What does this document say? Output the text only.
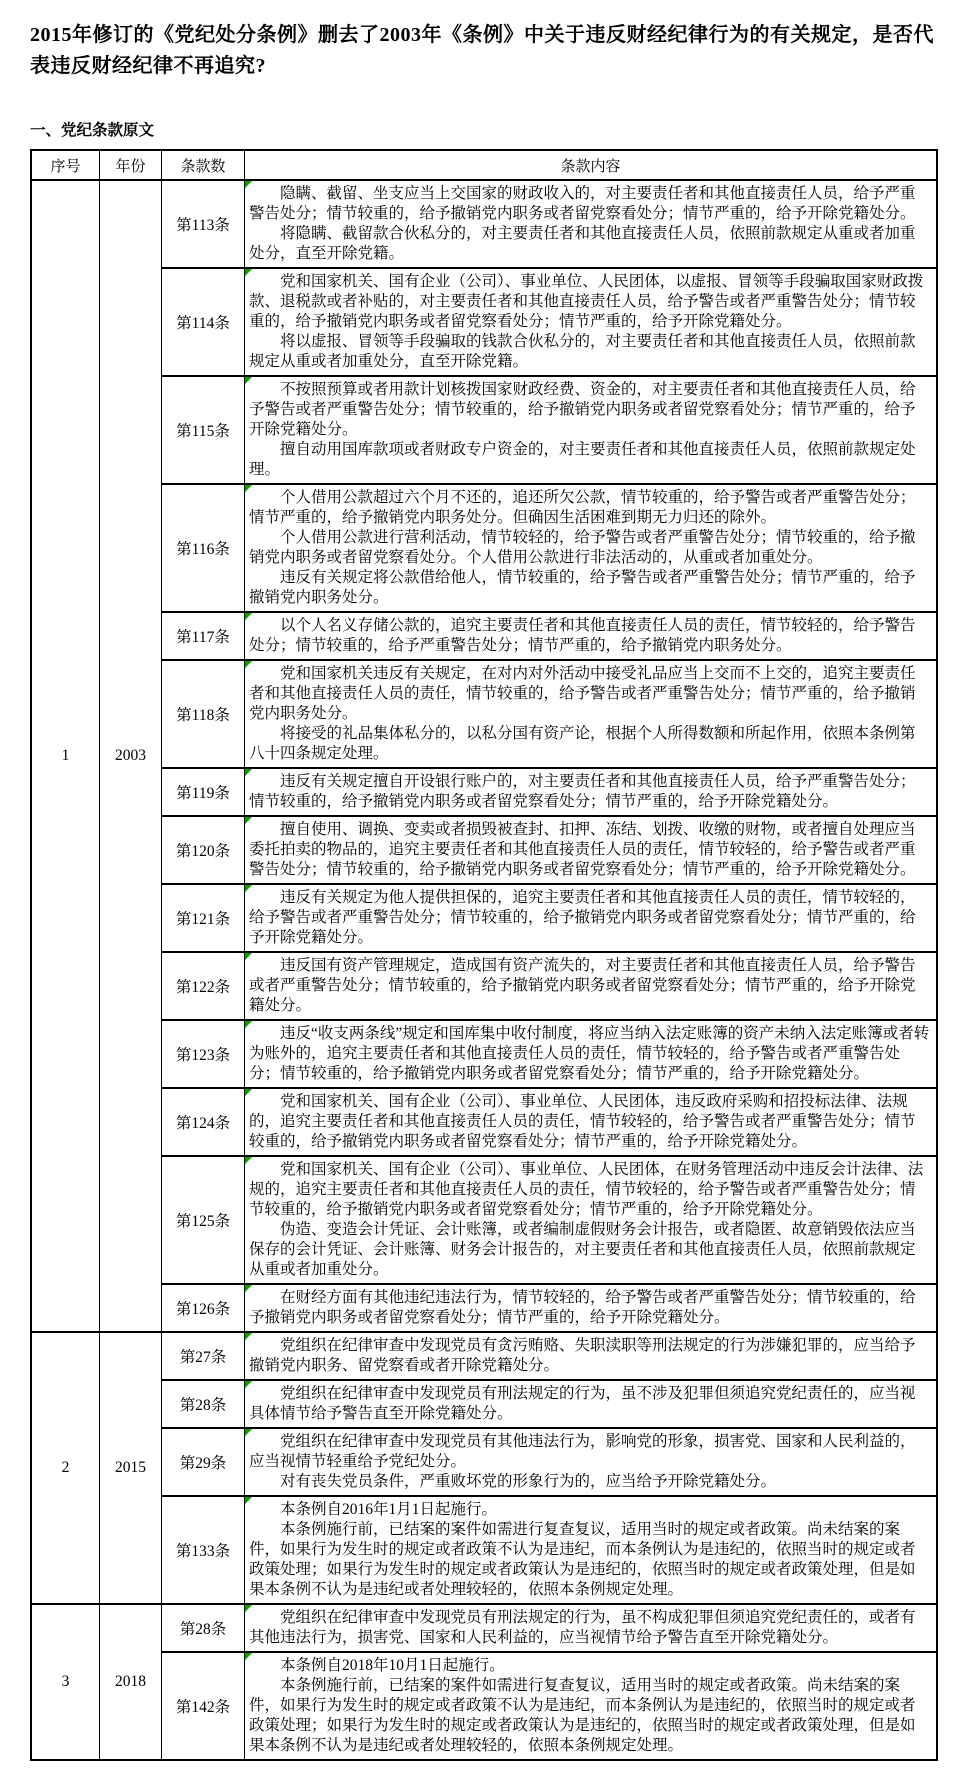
2015年修订的《党纪处分条例》删去了2003年《条例》中关于违反财经纪律行为的有关规定，是否代表违反财经纪律不再追究?
一、党纪条款原文
序号	年份	条款数	条款内容
1	2003	第113条	隐瞒、截留、坐支应当上交国家的财政收入的，对主要责任者和其他直接责任人员，给予严重警告处分；情节较重的，给予撤销党内职务或者留党察看处分；情节严重的，给予开除党籍处分。

将隐瞒、截留款合伙私分的，对主要责任者和其他直接责任人员，依照前款规定从重或者加重处分，直至开除党籍。

		第114条	党和国家机关、国有企业（公司）、事业单位、人民团体，以虚报、冒领等手段骗取国家财政拨款、退税款或者补贴的，对主要责任者和其他直接责任人员，给予警告或者严重警告处分；情节较重的，给予撤销党内职务或者留党察看处分；情节严重的，给予开除党籍处分。

将以虚报、冒领等手段骗取的钱款合伙私分的，对主要责任者和其他直接责任人员，依照前款规定从重或者加重处分，直至开除党籍。

		第115条	不按照预算或者用款计划核拨国家财政经费、资金的，对主要责任者和其他直接责任人员，给予警告或者严重警告处分；情节较重的，给予撤销党内职务或者留党察看处分；情节严重的，给予开除党籍处分。

擅自动用国库款项或者财政专户资金的，对主要责任者和其他直接责任人员，依照前款规定处理。

		第116条	个人借用公款超过六个月不还的，追还所欠公款，情节较重的，给予警告或者严重警告处分；情节严重的，给予撤销党内职务处分。但确因生活困难到期无力归还的除外。

个人借用公款进行营利活动，情节较轻的，给予警告或者严重警告处分；情节较重的，给予撤销党内职务或者留党察看处分。个人借用公款进行非法活动的，从重或者加重处分。

违反有关规定将公款借给他人，情节较重的，给予警告或者严重警告处分；情节严重的，给予撤销党内职务处分。

		第117条	以个人名义存储公款的，追究主要责任者和其他直接责任人员的责任，情节较轻的，给予警告处分；情节较重的，给予严重警告处分；情节严重的，给予撤销党内职务处分。

		第118条	党和国家机关违反有关规定，在对内对外活动中接受礼品应当上交而不上交的，追究主要责任者和其他直接责任人员的责任，情节较重的，给予警告或者严重警告处分；情节严重的，给予撤销党内职务处分。

将接受的礼品集体私分的，以私分国有资产论，根据个人所得数额和所起作用，依照本条例第八十四条规定处理。

		第119条	违反有关规定擅自开设银行账户的，对主要责任者和其他直接责任人员，给予严重警告处分；情节较重的，给予撤销党内职务或者留党察看处分；情节严重的，给予开除党籍处分。

		第120条	擅自使用、调换、变卖或者损毁被查封、扣押、冻结、划拨、收缴的财物，或者擅自处理应当委托拍卖的物品的，追究主要责任者和其他直接责任人员的责任，情节较轻的，给予警告或者严重警告处分；情节较重的，给予撤销党内职务或者留党察看处分；情节严重的，给予开除党籍处分。

		第121条	违反有关规定为他人提供担保的，追究主要责任者和其他直接责任人员的责任，情节较轻的，给予警告或者严重警告处分；情节较重的，给予撤销党内职务或者留党察看处分；情节严重的，给予开除党籍处分。

		第122条	违反国有资产管理规定，造成国有资产流失的，对主要责任者和其他直接责任人员，给予警告或者严重警告处分；情节较重的，给予撤销党内职务或者留党察看处分；情节严重的，给予开除党籍处分。

		第123条	违反“收支两条线”规定和国库集中收付制度，将应当纳入法定账簿的资产未纳入法定账簿或者转为账外的，追究主要责任者和其他直接责任人员的责任，情节较轻的，给予警告或者严重警告处分；情节较重的，给予撤销党内职务或者留党察看处分；情节严重的，给予开除党籍处分。

		第124条	党和国家机关、国有企业（公司）、事业单位、人民团体，违反政府采购和招投标法律、法规的，追究主要责任者和其他直接责任人员的责任，情节较轻的，给予警告或者严重警告处分；情节较重的，给予撤销党内职务或者留党察看处分；情节严重的，给予开除党籍处分。

		第125条	党和国家机关、国有企业（公司）、事业单位、人民团体，在财务管理活动中违反会计法律、法规的，追究主要责任者和其他直接责任人员的责任，情节较轻的，给予警告或者严重警告处分；情节较重的，给予撤销党内职务或者留党察看处分；情节严重的，给予开除党籍处分。

伪造、变造会计凭证、会计账簿，或者编制虚假财务会计报告，或者隐匿、故意销毁依法应当保存的会计凭证、会计账簿、财务会计报告的，对主要责任者和其他直接责任人员，依照前款规定从重或者加重处分。

		第126条	在财经方面有其他违纪违法行为，情节较轻的，给予警告或者严重警告处分；情节较重的，给予撤销党内职务或者留党察看处分；情节严重的，给予开除党籍处分。

2	2015	第27条	党组织在纪律审查中发现党员有贪污贿赂、失职渎职等刑法规定的行为涉嫌犯罪的，应当给予撤销党内职务、留党察看或者开除党籍处分。

		第28条	党组织在纪律审查中发现党员有刑法规定的行为，虽不涉及犯罪但须追究党纪责任的，应当视具体情节给予警告直至开除党籍处分。

		第29条	党组织在纪律审查中发现党员有其他违法行为，影响党的形象，损害党、国家和人民利益的，应当视情节轻重给予党纪处分。

对有丧失党员条件，严重败坏党的形象行为的，应当给予开除党籍处分。

		第133条	本条例自2016年1月1日起施行。

本条例施行前，已结案的案件如需进行复查复议，适用当时的规定或者政策。尚未结案的案件，如果行为发生时的规定或者政策不认为是违纪，而本条例认为是违纪的，依照当时的规定或者政策处理；如果行为发生时的规定或者政策认为是违纪的，依照当时的规定或者政策处理，但是如果本条例不认为是违纪或者处理较轻的，依照本条例规定处理。

3	2018	第28条	党组织在纪律审查中发现党员有刑法规定的行为，虽不构成犯罪但须追究党纪责任的，或者有其他违法行为，损害党、国家和人民利益的，应当视情节给予警告直至开除党籍处分。

		第142条	本条例自2018年10月1日起施行。

本条例施行前，已结案的案件如需进行复查复议，适用当时的规定或者政策。尚未结案的案件，如果行为发生时的规定或者政策不认为是违纪，而本条例认为是违纪的，依照当时的规定或者政策处理；如果行为发生时的规定或者政策认为是违纪的，依照当时的规定或者政策处理，但是如果本条例不认为是违纪或者处理较轻的，依照本条例规定处理。
